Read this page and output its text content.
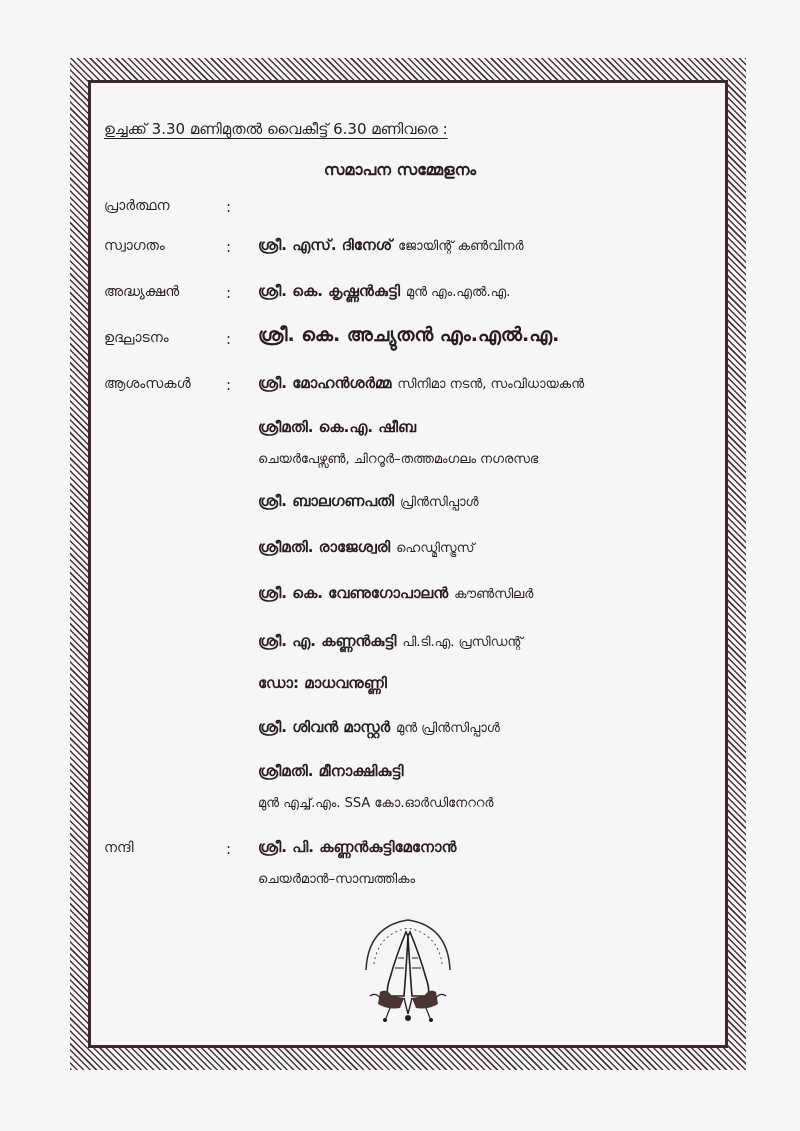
ഉച്ചക്ക് 3.30 മണിമുതൽ വൈകീട്ട് 6.30 മണിവരെ :
സമാപന സമ്മേളനം
പ്രാർത്ഥന	:
സ്വാഗതം	: ശ്രീ. എസ്. ദിനേശ് ജോയിന്റ് കൺവിനർ
അദ്ധ്യക്ഷൻ	: ശ്രീ. കെ. കൃഷ്ണൻകുട്ടി മുൻ എം.എൽ.എ.
ഉദ്ഘാടനം	: ശ്രീ. കെ. അച്യുതൻ എം.എൽ.എ.
ആശംസകൾ : ശ്രീ. മോഹൻശർമ്മ സിനിമാ നടൻ, സംവിധായകൻ
ശ്രീമതി. കെ.എ. ഷീബ
ചെയർപേഴ്സൺ, ചിററൂർ–തത്തമംഗലം നഗരസഭ
ശ്രീ. ബാലഗണപതി പ്രിൻസിപ്പാൾ
ശ്രീമതി. രാജേശ്വരി ഹെഡ്മിസ്ട്രസ്
ശ്രീ. കെ. വേണുഗോപാലൻ കൗൺസിലർ
ശ്രീ. എ. കണ്ണൻകുട്ടി പി.ടി.എ. പ്രസിഡന്റ്
ഡോ: മാധവനുണ്ണി
ശ്രീ. ശിവൻ മാസ്റ്റർ മുൻ പ്രിൻസിപ്പാൾ
ശ്രീമതി. മീനാക്ഷികുട്ടി
മുൻ എച്ച്.എം. SSA കോ.ഓർഡിനേററർ
നന്ദി	: ശ്രീ. പി. കണ്ണൻകുട്ടിമേനോൻ
ചെയർമാൻ–സാമ്പത്തികം
